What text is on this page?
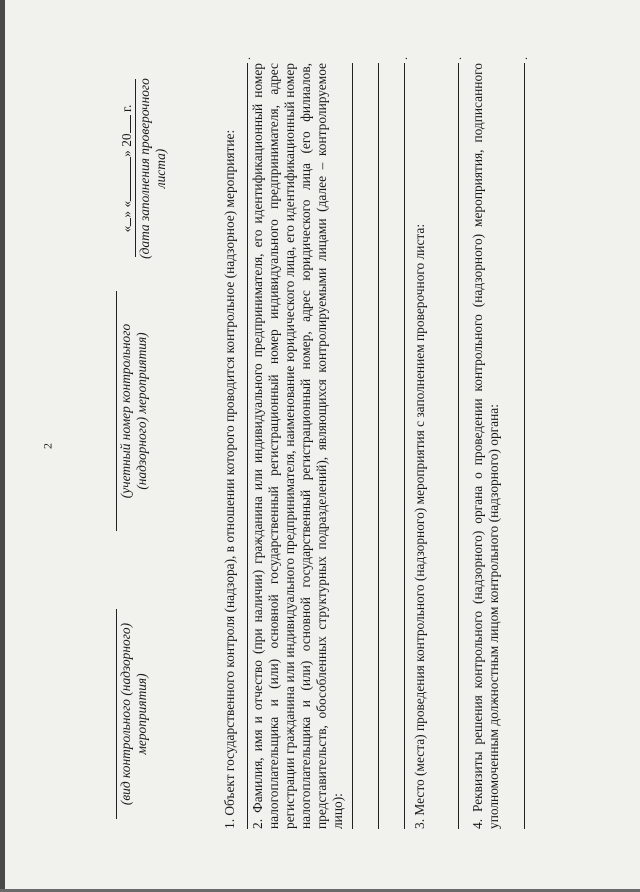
2
(вид контрольного (надзорного) мероприятия)
(учетный номер контрольного (надзорного) мероприятия)
«» «» 20 г. (дата заполнения проверочного листа)	1. Объект государственного контроля (надзора), в отношении которого проводится контрольное (надзорное) мероприятие:
.
2. Фамилия, имя и отчество (при наличии) гражданина или индивидуального предпринимателя, его идентификационный номер налогоплательщика и (или) основной государственный регистрационный номер индивидуального предпринимателя, адрес регистрации гражданина или индивидуального предпринимателя, наименование юридического лица, его идентификационный номер налогоплательщика и (или) основной государственный регистрационный номер, адрес юридического лица (его филиалов, представительств, обособленных структурных подразделений), являющихся контролируемыми лицами (далее – контролируемое лицо):
.
3. Место (места) проведения контрольного (надзорного) мероприятия с заполнением проверочного листа:
.
4. Реквизиты решения контрольного (надзорного) органа о проведении контрольного (надзорного) мероприятия, подписанного уполномоченным должностным лицом контрольного (надзорного) органа:
.
